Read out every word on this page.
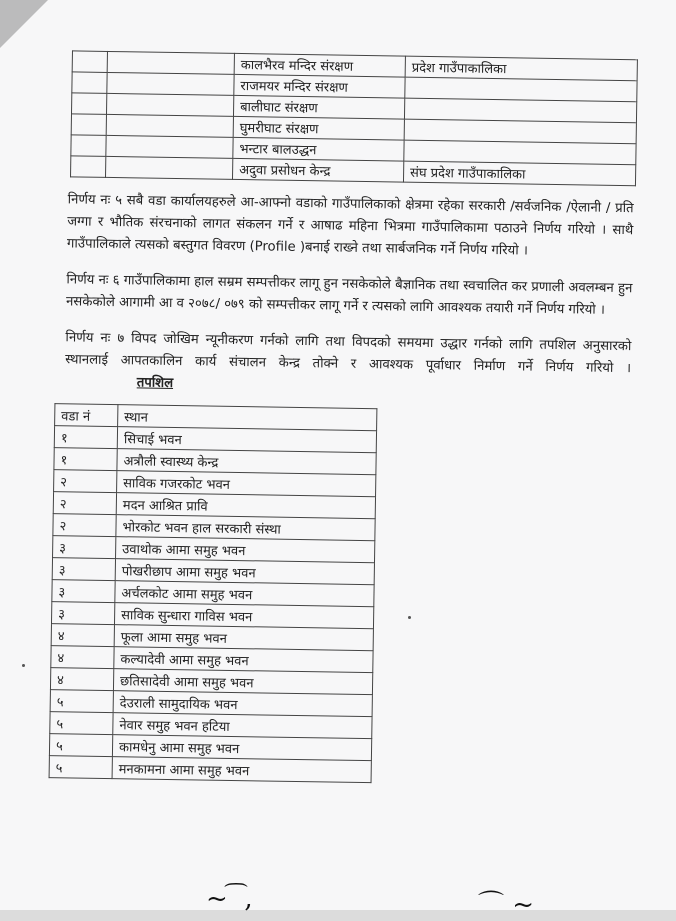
		कालभैरव मन्दिर संरक्षण	प्रदेश गाउँपाकालिका
		राजमयर मन्दिर संरक्षण	
		बालीघाट संरक्षण	
		घुमरीघाट संरक्षण	
		भन्टार बालउद्धन	
		अदुवा प्रसोधन केन्द्र	संघ प्रदेश गाउँपाकालिका

निर्णय नः ५ सबै वडा कार्यालयहरुले आ-आफ्नो वडाको गाउँपालिकाको क्षेत्रमा रहेका सरकारी /सर्वजनिक /ऐलानी / प्रति जग्गा र भौतिक संरचनाको लागत संकलन गर्ने र आषाढ महिना भित्रमा गाउँपालिकामा पठाउने निर्णय गरियो । साथै गाउँपालिकाले त्यसको बस्तुगत विवरण (Profile )बनाई राख्ने तथा सार्बजनिक गर्ने निर्णय गरियो ।

निर्णय नः ६ गाउँपालिकामा हाल सम्रम सम्पत्तीकर लागू हुन नसकेकोले बैज्ञानिक तथा स्वचालित कर प्रणाली अवलम्बन हुन नसकेकोले आगामी आ व २०७८/ ०७९ को सम्पत्तीकर लागू गर्ने र त्यसको लागि आवश्यक तयारी गर्ने निर्णय गरियो ।

निर्णय नः ७ विपद जोखिम न्यूनीकरण गर्नको लागि तथा विपदको समयमा उद्धार गर्नको लागि तपशिल अनुसारको स्थानलाई आपतकालिन कार्य संचालन केन्द्र तोक्ने र आवश्यक पूर्वाधार निर्माण गर्ने निर्णय गरियो । तपशिल

वडा नं	स्थान
१	सिचाई भवन
१	अत्रौली स्वास्थ्य केन्द्र
२	साविक गजरकोट भवन
२	मदन आश्रित प्रावि
२	भोरकोट भवन हाल सरकारी संस्था
३	उवाथोक आमा समुह भवन
३	पोखरीछाप आमा समुह भवन
३	अर्चलकोट आमा समुह भवन
३	साविक सुन्धारा गाविस भवन
४	फूला आमा समुह भवन
४	कल्यादेवी आमा समुह भवन
४	छतिसादेवी आमा समुह भवन
५	देउराली सामुदायिक भवन
५	नेवार समुह भवन हटिया
५	कामधेनु आमा समुह भवन
५	मनकामना आमा समुह भवन
~ ͡ ,	⌒ ~
